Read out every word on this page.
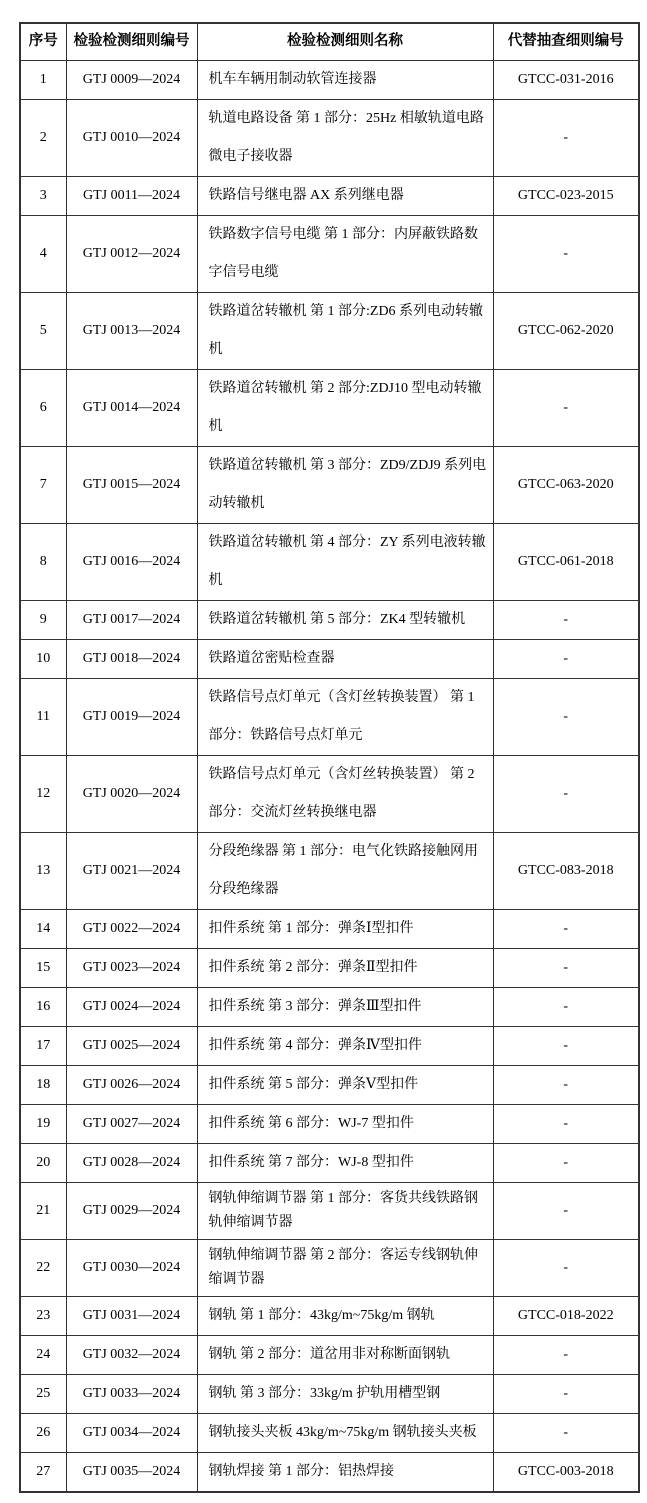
序号	检验检测细则编号	检验检测细则名称	代替抽查细则编号
1	GTJ 0009—2024	机车车辆用制动软管连接器	GTCC-031-2016
2	GTJ 0010—2024	轨道电路设备 第 1 部分：25Hz 相敏轨道电路微电子接收器	-
3	GTJ 0011—2024	铁路信号继电器 AX 系列继电器	GTCC-023-2015
4	GTJ 0012—2024	铁路数字信号电缆 第 1 部分：内屏蔽铁路数字信号电缆	-
5	GTJ 0013—2024	铁路道岔转辙机 第 1 部分:ZD6 系列电动转辙机	GTCC-062-2020
6	GTJ 0014—2024	铁路道岔转辙机 第 2 部分:ZDJ10 型电动转辙机	-
7	GTJ 0015—2024	铁路道岔转辙机 第 3 部分：ZD9/ZDJ9 系列电动转辙机	GTCC-063-2020
8	GTJ 0016—2024	铁路道岔转辙机 第 4 部分：ZY 系列电液转辙机	GTCC-061-2018
9	GTJ 0017—2024	铁路道岔转辙机 第 5 部分：ZK4 型转辙机	-
10	GTJ 0018—2024	铁路道岔密贴检查器	-
11	GTJ 0019—2024	铁路信号点灯单元（含灯丝转换装置） 第 1 部分：铁路信号点灯单元	-
12	GTJ 0020—2024	铁路信号点灯单元（含灯丝转换装置） 第 2 部分：交流灯丝转换继电器	-
13	GTJ 0021—2024	分段绝缘器 第 1 部分：电气化铁路接触网用分段绝缘器	GTCC-083-2018
14	GTJ 0022—2024	扣件系统 第 1 部分：弹条Ⅰ型扣件	-
15	GTJ 0023—2024	扣件系统 第 2 部分：弹条Ⅱ型扣件	-
16	GTJ 0024—2024	扣件系统 第 3 部分：弹条Ⅲ型扣件	-
17	GTJ 0025—2024	扣件系统 第 4 部分：弹条Ⅳ型扣件	-
18	GTJ 0026—2024	扣件系统 第 5 部分：弹条Ⅴ型扣件	-
19	GTJ 0027—2024	扣件系统 第 6 部分：WJ-7 型扣件	-
20	GTJ 0028—2024	扣件系统 第 7 部分：WJ-8 型扣件	-
21	GTJ 0029—2024	钢轨伸缩调节器 第 1 部分：客货共线铁路钢轨伸缩调节器	-
22	GTJ 0030—2024	钢轨伸缩调节器 第 2 部分：客运专线钢轨伸缩调节器	-
23	GTJ 0031—2024	钢轨 第 1 部分：43kg/m~75kg/m 钢轨	GTCC-018-2022
24	GTJ 0032—2024	钢轨 第 2 部分：道岔用非对称断面钢轨	-
25	GTJ 0033—2024	钢轨 第 3 部分：33kg/m 护轨用槽型钢	-
26	GTJ 0034—2024	钢轨接头夹板 43kg/m~75kg/m 钢轨接头夹板	-
27	GTJ 0035—2024	钢轨焊接 第 1 部分：铝热焊接	GTCC-003-2018
